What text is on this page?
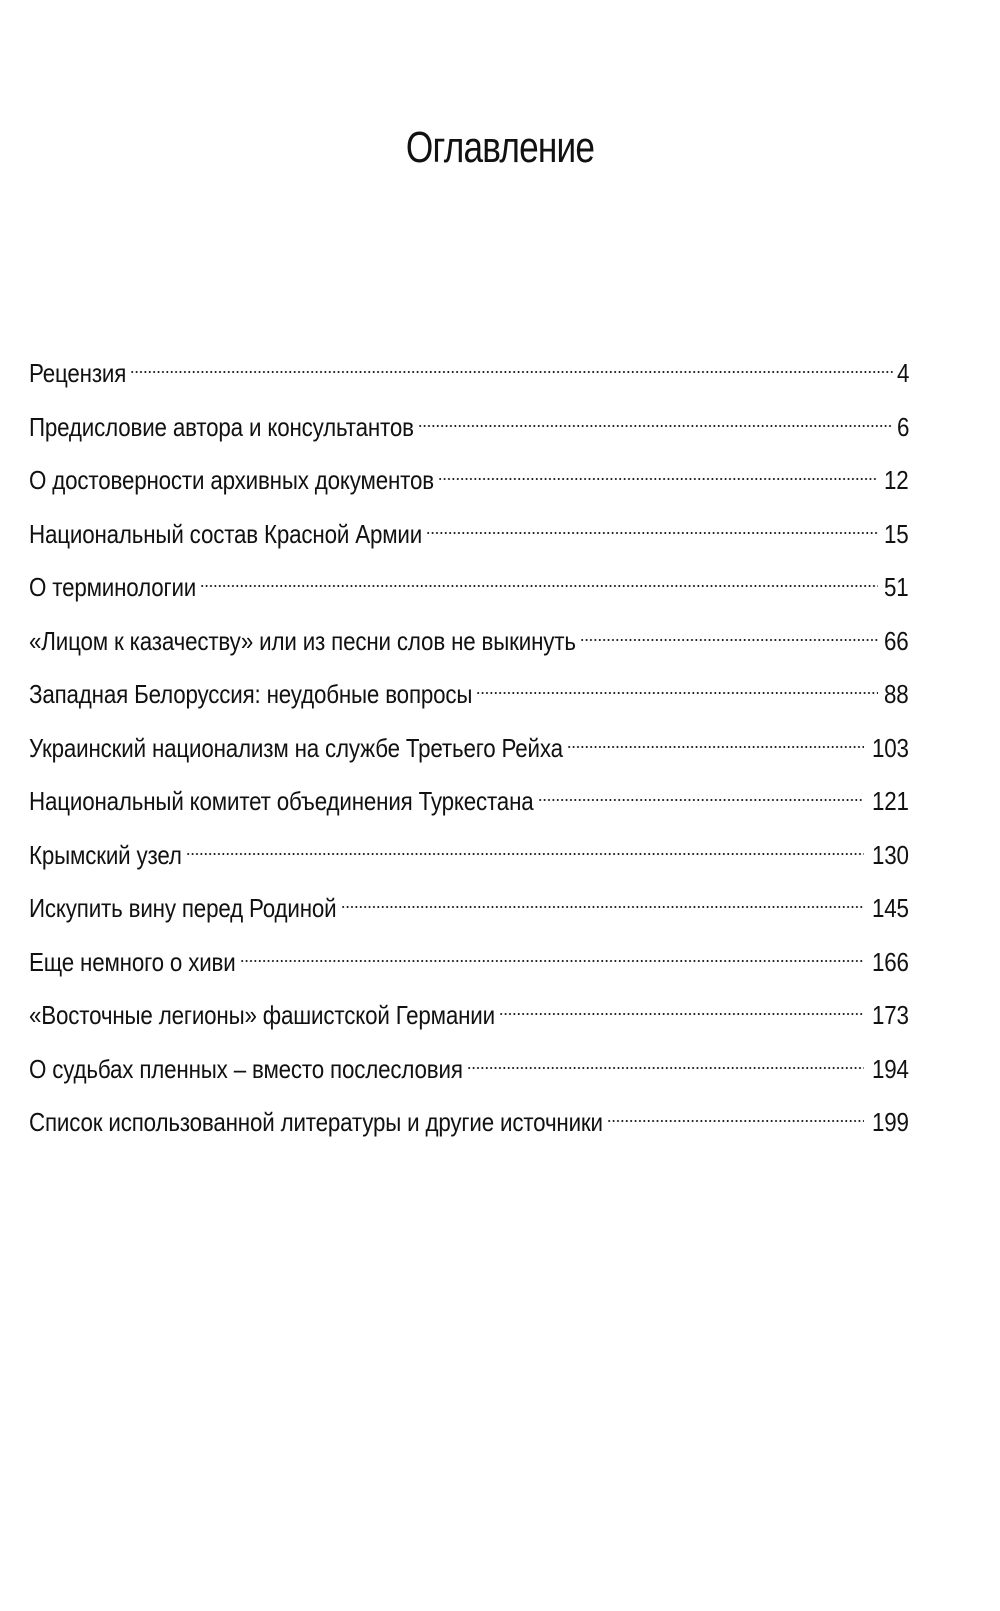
Оглавление
Рецензия	4
Предисловие автора и консультантов	6
О достоверности архивных документов	12
Национальный состав Красной Армии	15
О терминологии	51
«Лицом к казачеству» или из песни слов не выкинуть	66
Западная Белоруссия: неудобные вопросы	88
Украинский национализм на службе Третьего Рейха	103
Национальный комитет объединения Туркестана	121
Крымский узел	130
Искупить вину перед Родиной	145
Еще немного о хиви	166
«Восточные легионы» фашистской Германии	173
О судьбах пленных – вместо послесловия	194
Список использованной литературы и другие источники	199
